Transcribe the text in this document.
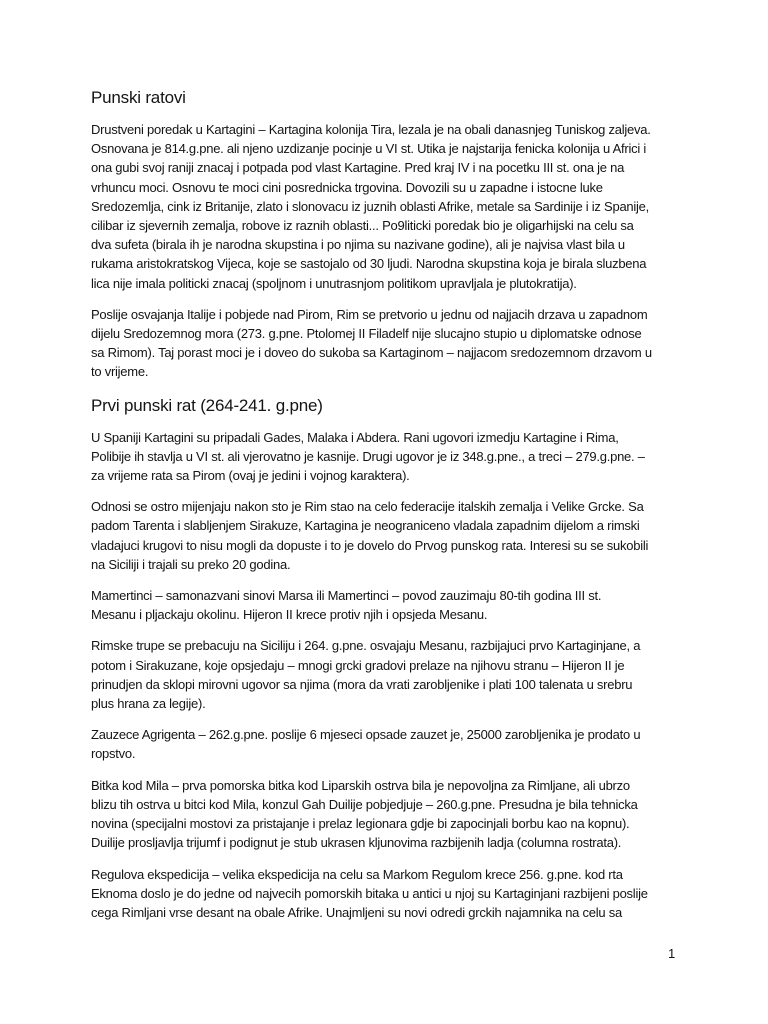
Punski ratovi
Drustveni poredak u Kartagini – Kartagina kolonija Tira, lezala je na obali danasnjeg Tuniskog zaljeva.
Osnovana je 814.g.pne. ali njeno uzdizanje pocinje u VI st. Utika je najstarija fenicka kolonija u Africi i
ona gubi svoj raniji znacaj i potpada pod vlast Kartagine. Pred kraj IV i na pocetku III st. ona je na
vrhuncu moci. Osnovu te moci cini posrednicka trgovina. Dovozili su u zapadne i istocne luke
Sredozemlja, cink iz Britanije, zlato i slonovacu iz juznih oblasti Afrike, metale sa Sardinije i iz Spanije,
cilibar iz sjevernih zemalja, robove iz raznih oblasti... Po9liticki poredak bio je oligarhijski na celu sa
dva sufeta (birala ih je narodna skupstina i po njima su nazivane godine), ali je najvisa vlast bila u
rukama aristokratskog Vijeca, koje se sastojalo od 30 ljudi. Narodna skupstina koja je birala sluzbena
lica nije imala politicki znacaj (spoljnom i unutrasnjom politikom upravljala je plutokratija).
Poslije osvajanja Italije i pobjede nad Pirom, Rim se pretvorio u jednu od najjacih drzava u zapadnom
dijelu Sredozemnog mora (273. g.pne. Ptolomej II Filadelf nije slucajno stupio u diplomatske odnose
sa Rimom). Taj porast moci je i doveo do sukoba sa Kartaginom – najjacom sredozemnom drzavom u
to vrijeme.
Prvi punski rat (264-241. g.pne)
U Spaniji Kartagini su pripadali Gades, Malaka i Abdera. Rani ugovori izmedju Kartagine i Rima,
Polibije ih stavlja u VI st. ali vjerovatno je kasnije. Drugi ugovor je iz 348.g.pne., a treci – 279.g.pne. –
za vrijeme rata sa Pirom (ovaj je jedini i vojnog karaktera).
Odnosi se ostro mijenjaju nakon sto je Rim stao na celo federacije italskih zemalja i Velike Grcke. Sa
padom Tarenta i slabljenjem Sirakuze, Kartagina je neograniceno vladala zapadnim dijelom a rimski
vladajuci krugovi to nisu mogli da dopuste i to je dovelo do Prvog punskog rata. Interesi su se sukobili
na Siciliji i trajali su preko 20 godina.
Mamertinci – samonazvani sinovi Marsa ili Mamertinci – povod zauzimaju 80-tih godina III st.
Mesanu i pljackaju okolinu. Hijeron II krece protiv njih i opsjeda Mesanu.
Rimske trupe se prebacuju na Siciliju i 264. g.pne. osvajaju Mesanu, razbijajuci prvo Kartaginjane, a
potom i Sirakuzane, koje opsjedaju – mnogi grcki gradovi prelaze na njihovu stranu – Hijeron II je
prinudjen da sklopi mirovni ugovor sa njima (mora da vrati zarobljenike i plati 100 talenata u srebru
plus hrana za legije).
Zauzece Agrigenta – 262.g.pne. poslije 6 mjeseci opsade zauzet je, 25000 zarobljenika je prodato u
ropstvo.
Bitka kod Mila – prva pomorska bitka kod Liparskih ostrva bila je nepovoljna za Rimljane, ali ubrzo
blizu tih ostrva u bitci kod Mila, konzul Gah Duilije pobjedjuje – 260.g.pne. Presudna je bila tehnicka
novina (specijalni mostovi za pristajanje i prelaz legionara gdje bi zapocinjali borbu kao na kopnu).
Duilije prosljavlja trijumf i podignut je stub ukrasen kljunovima razbijenih ladja (columna rostrata).
Regulova ekspedicija – velika ekspedicija na celu sa Markom Regulom krece 256. g.pne. kod rta
Eknoma doslo je do jedne od najvecih pomorskih bitaka u antici u njoj su Kartaginjani razbijeni poslije
cega Rimljani vrse desant na obale Afrike. Unajmljeni su novi odredi grckih najamnika na celu sa
1
